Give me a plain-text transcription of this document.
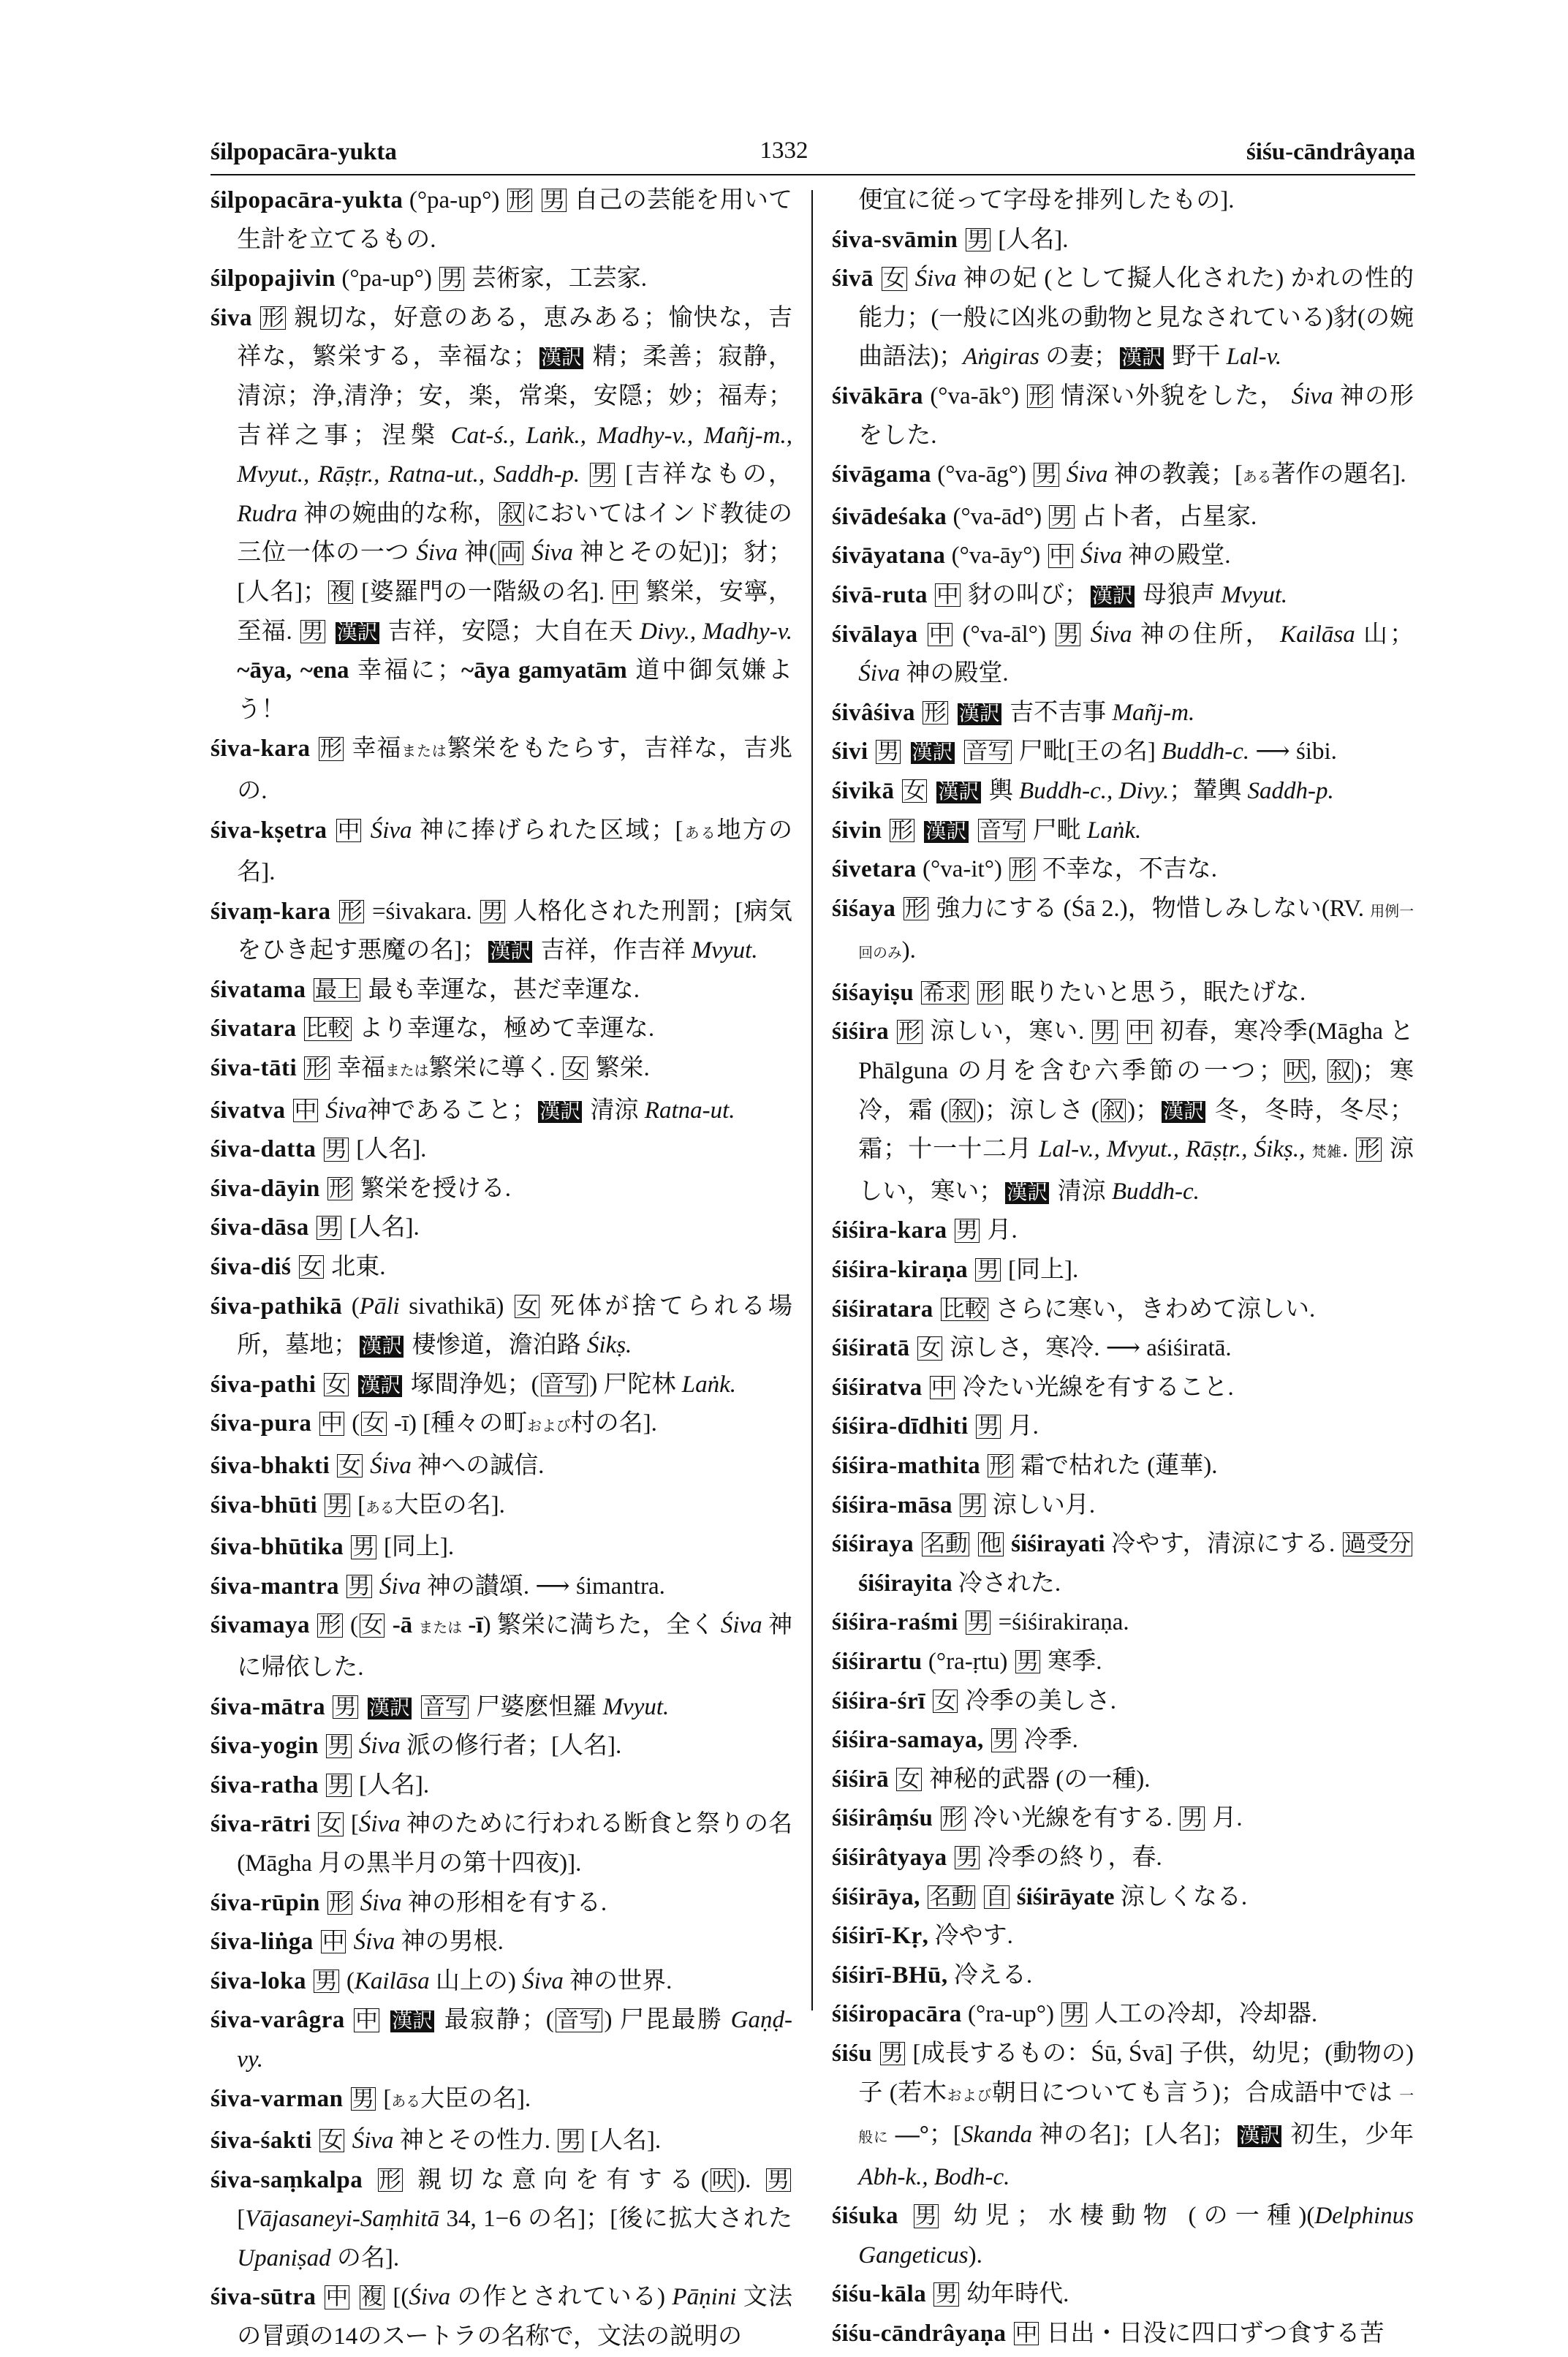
śilpopacāra-yukta	1332	śiśu-cāndrâyaṇa
śilpopacāra-yukta (°pa-up°) 形 男 自己の芸能を用いて生計を立てるもの.
śilpopajivin (°pa-up°) 男 芸術家，工芸家.
śiva 形 親切な，好意のある，恵みある；愉快な，吉祥な，繁栄する，幸福な； 漢訳 精；柔善；寂静，清涼；浄,清浄；安，楽，常楽，安隠；妙；福寿；吉祥之事；涅槃 Cat-ś., Laṅk., Madhy-v., Mañj-m., Mvyut., Rāṣṭr., Ratna-ut., Saddh-p. 男 [吉祥なもの，Rudra 神の婉曲的な称， 叙 においてはインド教徒の三位一体の一つ Śiva 神( 両 Śiva 神とその妃)]；豺；[人名]； 複 [婆羅門の一階級の名]. 中 繁栄，安寧，至福. 男 漢訳 吉祥，安隠；大自在天 Divy., Madhy-v.　~āya, ~ena 幸福に；~āya gamyatām 道中御気嫌よう！
śiva-kara 形 幸福または繁栄をもたらす，吉祥な，吉兆の.
śiva-kṣetra 中 Śiva 神に捧げられた区域；[ある地方の名].
śivaṃ-kara 形 =śivakara. 男 人格化された刑罰；[病気をひき起す悪魔の名]； 漢訳 吉祥，作吉祥 Mvyut.
śivatama 最上 最も幸運な，甚だ幸運な.
śivatara 比較 より幸運な，極めて幸運な.
śiva-tāti 形 幸福または繁栄に導く. 女 繁栄.
śivatva 中 Śiva神であること； 漢訳 清涼 Ratna-ut.
śiva-datta 男 [人名].
śiva-dāyin 形 繁栄を授ける.
śiva-dāsa 男 [人名].
śiva-diś 女 北東.
śiva-pathikā (Pāli sivathikā) 女 死体が捨てられる場所，墓地； 漢訳 棲惨道，澹泊路 Śikṣ.
śiva-pathi 女 漢訳 塚間浄処；( 音写 ) 尸陀林 Laṅk.
śiva-pura 中 ( 女 -ī) [種々の町および村の名].
śiva-bhakti 女 Śiva 神への誠信.
śiva-bhūti 男 [ある大臣の名].
śiva-bhūtika 男 [同上].
śiva-mantra 男 Śiva 神の讃頌. ⟶ śimantra.
śivamaya 形 ( 女 -ā または -ī) 繁栄に満ちた，全く Śiva 神に帰依した.
śiva-mātra 男 漢訳 音写 尸婆麽怛羅 Mvyut.
śiva-yogin 男 Śiva 派の修行者；[人名].
śiva-ratha 男 [人名].
śiva-rātri 女 [Śiva 神のために行われる断食と祭りの名(Māgha 月の黒半月の第十四夜)].
śiva-rūpin 形 Śiva 神の形相を有する.
śiva-liṅga 中 Śiva 神の男根.
śiva-loka 男 (Kailāsa 山上の) Śiva 神の世界.
śiva-varâgra 中 漢訳 最寂静；( 音写 ) 尸毘最勝 Gaṇḍ-vy.
śiva-varman 男 [ある大臣の名].
śiva-śakti 女 Śiva 神とその性力. 男 [人名].
śiva-saṃkalpa 形 親切な意向を有する( 吠 ). 男 [Vājasaneyi-Saṃhitā 34, 1−6 の名]；[後に拡大された Upaniṣad の名].
śiva-sūtra 中 複 [(Śiva の作とされている) Pāṇini 文法の冒頭の14のスートラの名称で，文法の説明の
便宜に従って字母を排列したもの].
śiva-svāmin 男 [人名].
śivā 女 Śiva 神の妃 (として擬人化された) かれの性的能力；(一般に凶兆の動物と見なされている)豺(の婉曲語法)；Aṅgiras の妻； 漢訳 野干 Lal-v.
śivākāra (°va-āk°) 形 情深い外貌をした， Śiva 神の形をした.
śivāgama (°va-āg°) 男 Śiva 神の教義；[ある著作の題名].
śivādeśaka (°va-ād°) 男 占卜者，占星家.
śivāyatana (°va-āy°) 中 Śiva 神の殿堂.
śivā-ruta 中 豺の叫び； 漢訳 母狼声 Mvyut.
śivālaya 中 (°va-āl°) 男 Śiva 神の住所， Kailāsa 山；Śiva 神の殿堂.
śivâśiva 形 漢訳 吉不吉事 Mañj-m.
śivi 男 漢訳 音写 尸毗[王の名] Buddh-c. ⟶ śibi.
śivikā 女 漢訳 輿 Buddh-c., Divy.；輦輿 Saddh-p.
śivin 形 漢訳 音写 尸毗 Laṅk.
śivetara (°va-it°) 形 不幸な，不吉な.
śiśaya 形 強力にする (Śā 2.)，物惜しみしない(RV. 用例一回のみ).
śiśayiṣu 希求 形 眠りたいと思う，眠たげな.
śiśira 形 涼しい，寒い. 男 中 初春，寒冷季(Māgha と Phālguna の月を含む六季節の一つ； 吠 , 叙 )；寒冷，霜 ( 叙 )；涼しさ ( 叙 )； 漢訳 冬，冬時，冬尽；霜；十一十二月 Lal-v., Mvyut., Rāṣṭr., Śikṣ., 梵雑. 形 涼しい，寒い； 漢訳 清涼 Buddh-c.
śiśira-kara 男 月.
śiśira-kiraṇa 男 [同上].
śiśiratara 比較 さらに寒い，きわめて涼しい.
śiśiratā 女 涼しさ，寒冷. ⟶ aśiśiratā.
śiśiratva 中 冷たい光線を有すること.
śiśira-dīdhiti 男 月.
śiśira-mathita 形 霜で枯れた (蓮華).
śiśira-māsa 男 涼しい月.
śiśiraya 名動 他 śiśirayati 冷やす，清涼にする. 過受分 śiśirayita 冷された.
śiśira-raśmi 男 =śiśirakiraṇa.
śiśirartu (°ra-ṛtu) 男 寒季.
śiśira-śrī 女 冷季の美しさ.
śiśira-samaya, 男 冷季.
śiśirā 女 神秘的武器 (の一種).
śiśirâṃśu 形 冷い光線を有する. 男 月.
śiśirâtyaya 男 冷季の終り，春.
śiśirāya, 名動 自 śiśirāyate 涼しくなる.
śiśirī-Kṛ, 冷やす.
śiśirī-BHū, 冷える.
śiśiropacāra (°ra-up°) 男 人工の冷却，冷却器.
śiśu 男 [成長するもの：Śū, Śvā] 子供，幼児；(動物の) 子 (若木および朝日についても言う)；合成語中では 一般に —°；[Skanda 神の名]；[人名]； 漢訳 初生，少年 Abh-k., Bodh-c.
śiśuka 男 幼児；水棲動物 (の一種)(Delphinus Gangeticus).
śiśu-kāla 男 幼年時代.
śiśu-cāndrâyaṇa 中 日出・日没に四口ずつ食する苦
